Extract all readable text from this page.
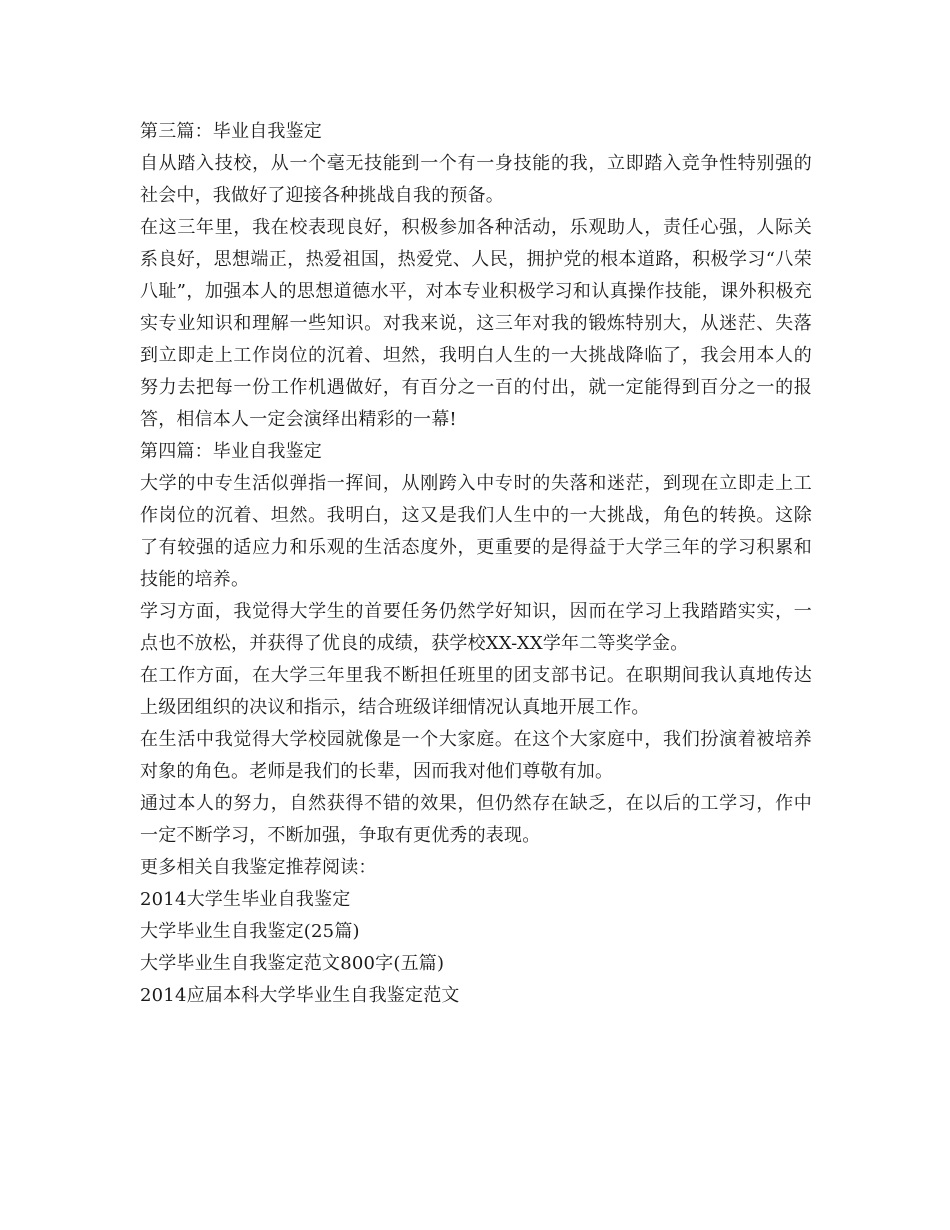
第三篇：毕业自我鉴定

自从踏入技校，从一个毫无技能到一个有一身技能的我，立即踏入竞争性特别强的社会中，我做好了迎接各种挑战自我的预备。

在这三年里，我在校表现良好，积极参加各种活动，乐观助人，责任心强，人际关系良好，思想端正，热爱祖国，热爱党、人民，拥护党的根本道路，积极学习“八荣八耻”，加强本人的思想道德水平，对本专业积极学习和认真操作技能，课外积极充实专业知识和理解一些知识。对我来说，这三年对我的锻炼特别大，从迷茫、失落到立即走上工作岗位的沉着、坦然，我明白人生的一大挑战降临了，我会用本人的努力去把每一份工作机遇做好，有百分之一百的付出，就一定能得到百分之一的报答，相信本人一定会演绎出精彩的一幕!

第四篇：毕业自我鉴定

大学的中专生活似弹指一挥间，从刚跨入中专时的失落和迷茫，到现在立即走上工作岗位的沉着、坦然。我明白，这又是我们人生中的一大挑战，角色的转换。这除了有较强的适应力和乐观的生活态度外，更重要的是得益于大学三年的学习积累和技能的培养。

学习方面，我觉得大学生的首要任务仍然学好知识，因而在学习上我踏踏实实，一点也不放松，并获得了优良的成绩，获学校XX-XX学年二等奖学金。

在工作方面，在大学三年里我不断担任班里的团支部书记。在职期间我认真地传达上级团组织的决议和指示，结合班级详细情况认真地开展工作。

在生活中我觉得大学校园就像是一个大家庭。在这个大家庭中，我们扮演着被培养对象的角色。老师是我们的长辈，因而我对他们尊敬有加。

通过本人的努力，自然获得不错的效果，但仍然存在缺乏，在以后的工学习，作中一定不断学习，不断加强，争取有更优秀的表现。

更多相关自我鉴定推荐阅读：

2014大学生毕业自我鉴定

大学毕业生自我鉴定(25篇)

大学毕业生自我鉴定范文800字(五篇)

2014应届本科大学毕业生自我鉴定范文
